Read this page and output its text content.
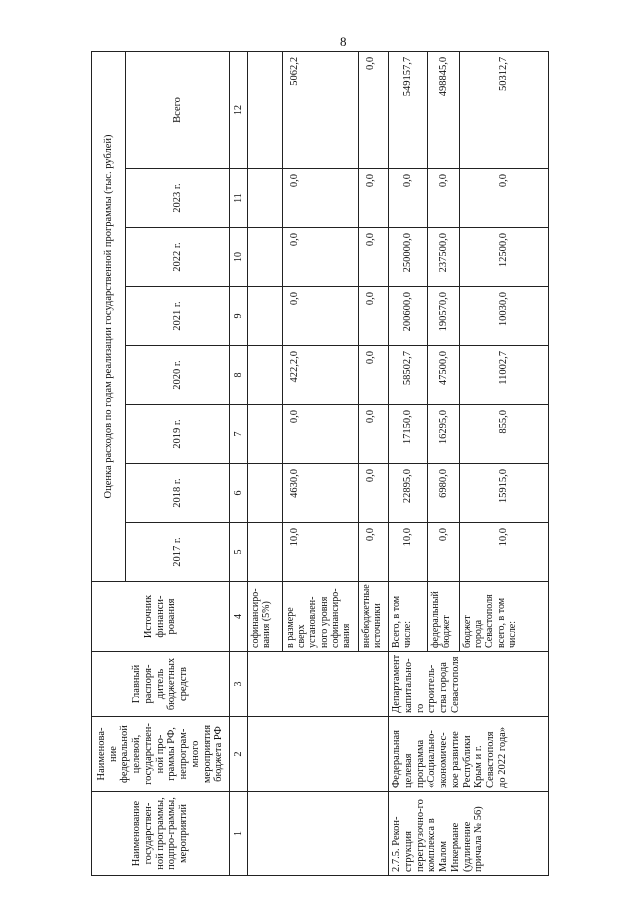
8
Наименование государствен-ной программы, подпро-граммы, мероприятий	Наименова-ние федеральной целевой, государствен-ной про-граммы РФ, непрограм-много мероприятия бюджета РФ	Главный распоря-дитель бюджетных средств	Источник финанси-рования	Оценка расходов по годам реализации государственной программы (тыс. рублей)							
				2017 г.	2018 г.	2019 г.	2020 г.	2021 г.	2022 г.	2023 г.	Всего
1	2	3	4	5	6	7	8	9	10	11	12
			софинансиро-вания (5%)								
			в размере сверх установлен-ного уровня софинансиро-вания	10,0	4630,0	0,0	422,2,0	0,0	0,0	0,0	5062,2
			внебюджетные источники	0,0	0,0	0,0	0,0	0,0	0,0	0,0	0,0
2.7.5. Рекон-струкция перегрузочно-го комплекса в Малом Инкермане (удлинение причала № 56)	Федеральная целевая программа «Социально-экономичес-кое развитие Республики Крым и г. Севастополя до 2022 года»	Департамент капитально-го строитель-ства города Севастополя	Всего, в том числе:	10,0	22895,0	17150,0	58502,7	200600,0	250000,0	0,0	549157,7
			федеральный бюджет	0,0	6980,0	16295,0	47500,0	190570,0	237500,0	0,0	498845,0
			бюджет города Севастополя всего, в том числе:	10,0	15915,0	855,0	11002,7	10030,0	12500,0	0,0	50312,7
